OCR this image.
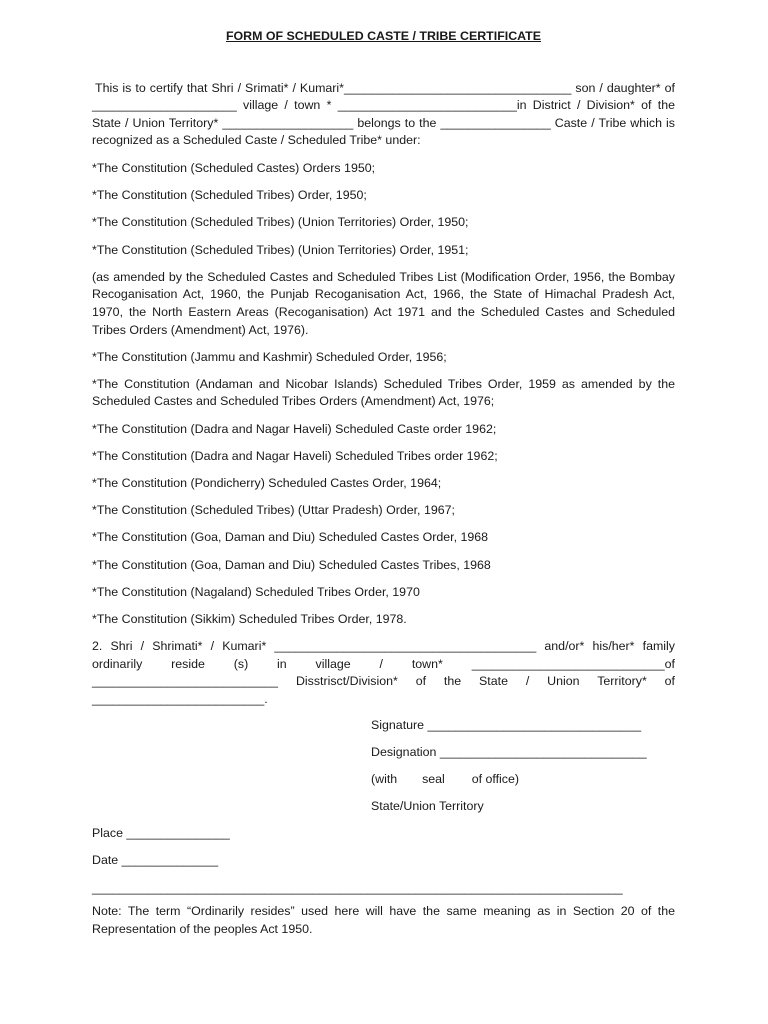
FORM OF SCHEDULED CASTE / TRIBE CERTIFICATE

This is to certify that Shri / Srimati* / Kumari*_________________________________ son / daughter* of _____________________ village / town * __________________________in District / Division* of the State / Union Territory* ___________________ belongs to the ________________ Caste / Tribe which is recognized as a Scheduled Caste / Scheduled Tribe* under:

*The Constitution (Scheduled Castes) Orders 1950;

*The Constitution (Scheduled Tribes) Order, 1950;

*The Constitution (Scheduled Tribes) (Union Territories) Order, 1950;

*The Constitution (Scheduled Tribes) (Union Territories) Order, 1951;

(as amended by the Scheduled Castes and Scheduled Tribes List (Modification Order, 1956, the Bombay Recoganisation Act, 1960, the Punjab Recoganisation Act, 1966, the State of Himachal Pradesh Act, 1970, the North Eastern Areas (Recoganisation) Act 1971 and the Scheduled Castes and Scheduled Tribes Orders (Amendment) Act, 1976).

*The Constitution (Jammu and Kashmir) Scheduled Order, 1956;

*The Constitution (Andaman and Nicobar Islands) Scheduled Tribes Order, 1959 as amended by the Scheduled Castes and Scheduled Tribes Orders (Amendment) Act, 1976;

*The Constitution (Dadra and Nagar Haveli) Scheduled Caste order 1962;

*The Constitution (Dadra and Nagar Haveli) Scheduled Tribes order 1962;

*The Constitution (Pondicherry) Scheduled Castes Order, 1964;

*The Constitution (Scheduled Tribes) (Uttar Pradesh) Order, 1967;

*The Constitution (Goa, Daman and Diu) Scheduled Castes Order, 1968

*The Constitution (Goa, Daman and Diu) Scheduled Castes Tribes, 1968

*The Constitution (Nagaland) Scheduled Tribes Order, 1970

*The Constitution (Sikkim) Scheduled Tribes Order, 1978.

2. Shri / Shrimati* / Kumari* ______________________________________ and/or* his/her* family ordinarily reside (s) in village / town* ____________________________of ___________________________ Disstrisct/Division* of the State / Union Territory* of _________________________.

Signature _______________________________

Designation ______________________________

(with seal of office)

State/Union Territory

Place _______________

Date ______________

_____________________________________________________________________________

Note: The term “Ordinarily resides” used here will have the same meaning as in Section 20 of the Representation of the peoples Act 1950.
